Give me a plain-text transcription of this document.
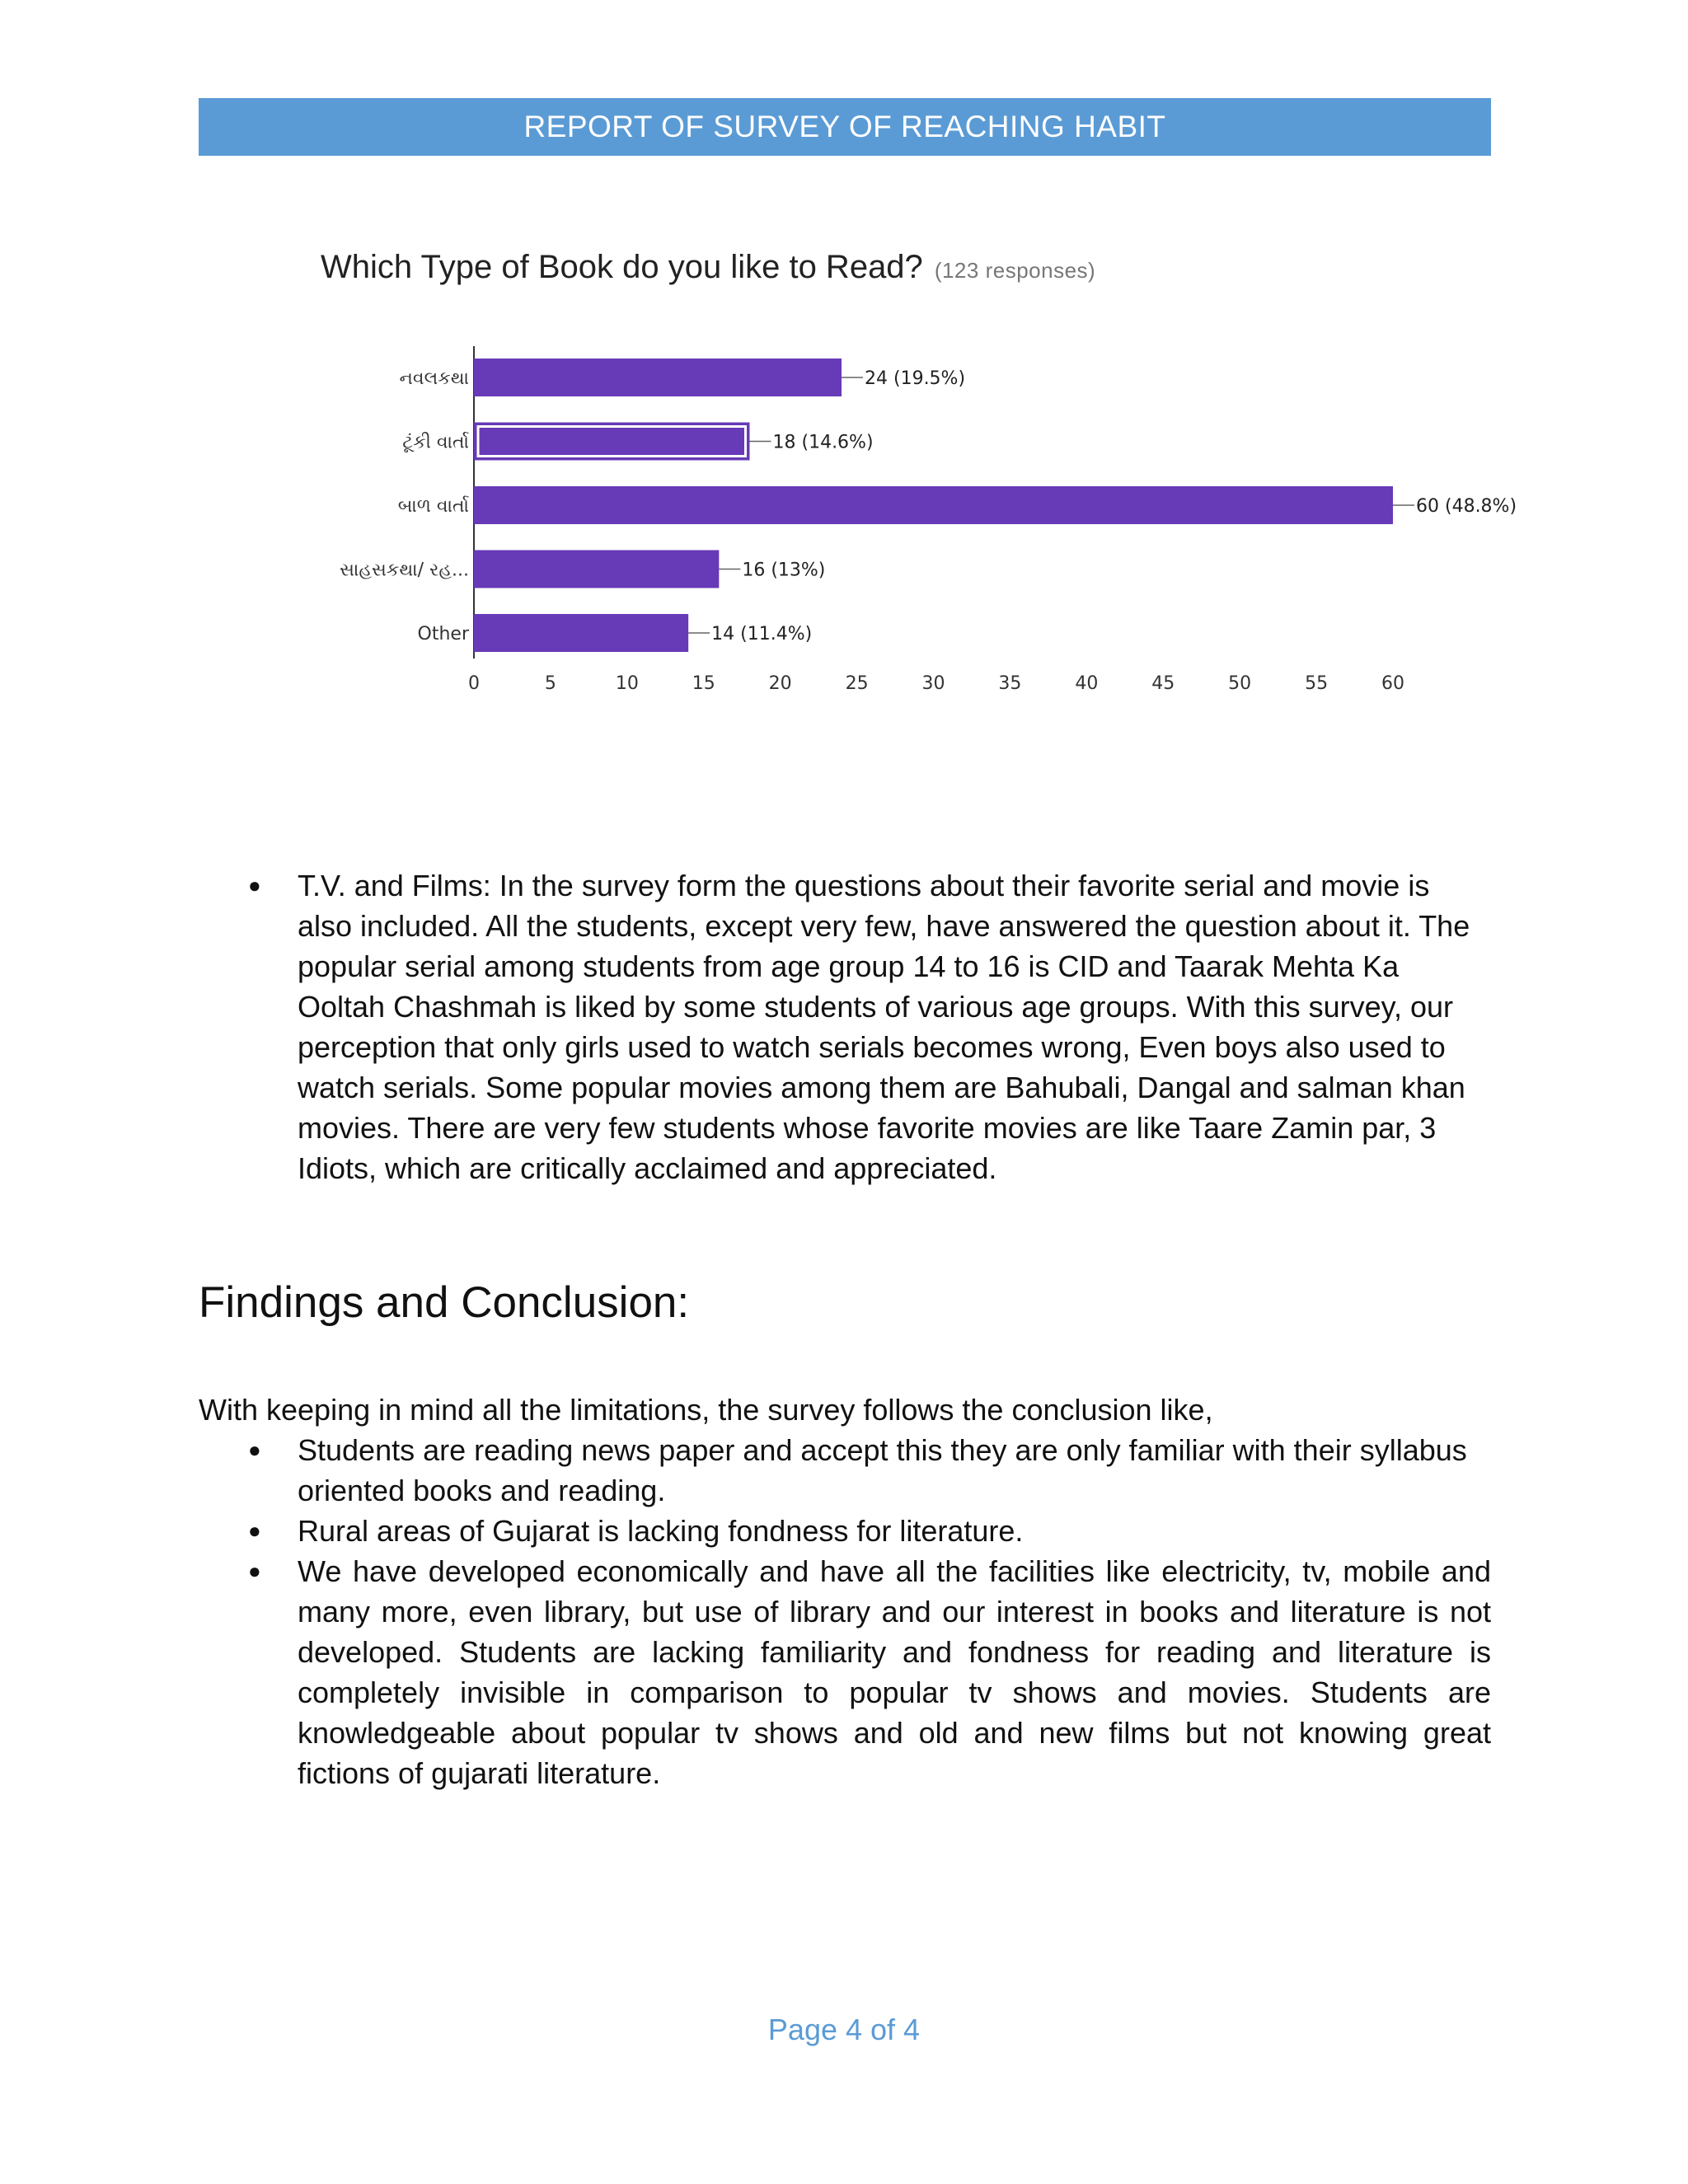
REPORT OF SURVEY OF REACHING HABIT
Which Type of Book do you like to Read? (123 responses)
24 (19.5%)
નવલકથા
18 (14.6%)
ટૂંકી વાર્તા
60 (48.8%)
બાળ વાર્તા
16 (13%)
સાહસકથા/ રહ...
14 (11.4%)
Other
0	5	10	15	20	25	30	35	40	45	50	55	60
● T.V. and Films: In the survey form the questions about their favorite serial and movie is also included. All the students, except very few, have answered the question about it. The popular serial among students from age group 14 to 16 is CID and Taarak Mehta Ka Ooltah Chashmah is liked by some students of various age groups. With this survey, our perception that only girls used to watch serials becomes wrong, Even boys also used to watch serials. Some popular movies among them are Bahubali, Dangal and salman khan movies. There are very few students whose favorite movies are like Taare Zamin par, 3 Idiots, which are critically acclaimed and appreciated.
Findings and Conclusion:
With keeping in mind all the limitations, the survey follows the conclusion like,
● Students are reading news paper and accept this they are only familiar with their syllabus oriented books and reading.
● Rural areas of Gujarat is lacking fondness for literature.
● We have developed economically and have all the facilities like electricity, tv, mobile and many more, even library, but use of library and our interest in books and literature is not developed. Students are lacking familiarity and fondness for reading and literature is completely invisible in comparison to popular tv shows and movies. Students are knowledgeable about popular tv shows and old and new films but not knowing great fictions of gujarati literature.
Page 4 of 4
